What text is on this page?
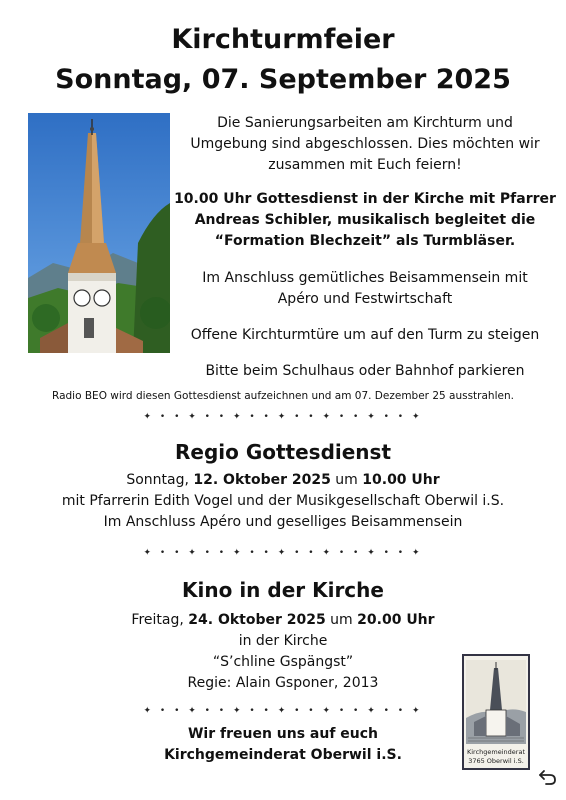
Kirchturmfeier
Sonntag, 07. September 2025
Die Sanierungsarbeiten am Kirchturm und
Umgebung sind abgeschlossen. Dies möchten wir
zusammen mit Euch feiern!
10.00 Uhr Gottesdienst in der Kirche mit Pfarrer
Andreas Schibler, musikalisch begleitet die
“Formation Blechzeit” als Turmbläser.
Im Anschluss gemütliches Beisammensein mit
Apéro und Festwirtschaft
Offene Kirchturmtüre um auf den Turm zu steigen
Bitte beim Schulhaus oder Bahnhof parkieren
Radio BEO wird diesen Gottesdienst aufzeichnen und am 07. Dezember 25 ausstrahlen.
✦ • • ✦ • • ✦ • • ✦ • • ✦ • • ✦ • • ✦
Regio Gottesdienst
Sonntag, 12. Oktober 2025 um 10.00 Uhr
mit Pfarrerin Edith Vogel und der Musikgesellschaft Oberwil i.S.
Im Anschluss Apéro und geselliges Beisammensein
✦ • • ✦ • • ✦ • • ✦ • • ✦ • • ✦ • • ✦
Kino in der Kirche
Freitag, 24. Oktober 2025 um 20.00 Uhr
in der Kirche
“S’chline Gspängst”
Regie: Alain Gsponer, 2013
✦ • • ✦ • • ✦ • • ✦ • • ✦ • • ✦ • • ✦
Wir freuen uns auf euch
Kirchgemeinderat Oberwil i.S.	Kirchgemeinderat
3765 Oberwil i.S.
